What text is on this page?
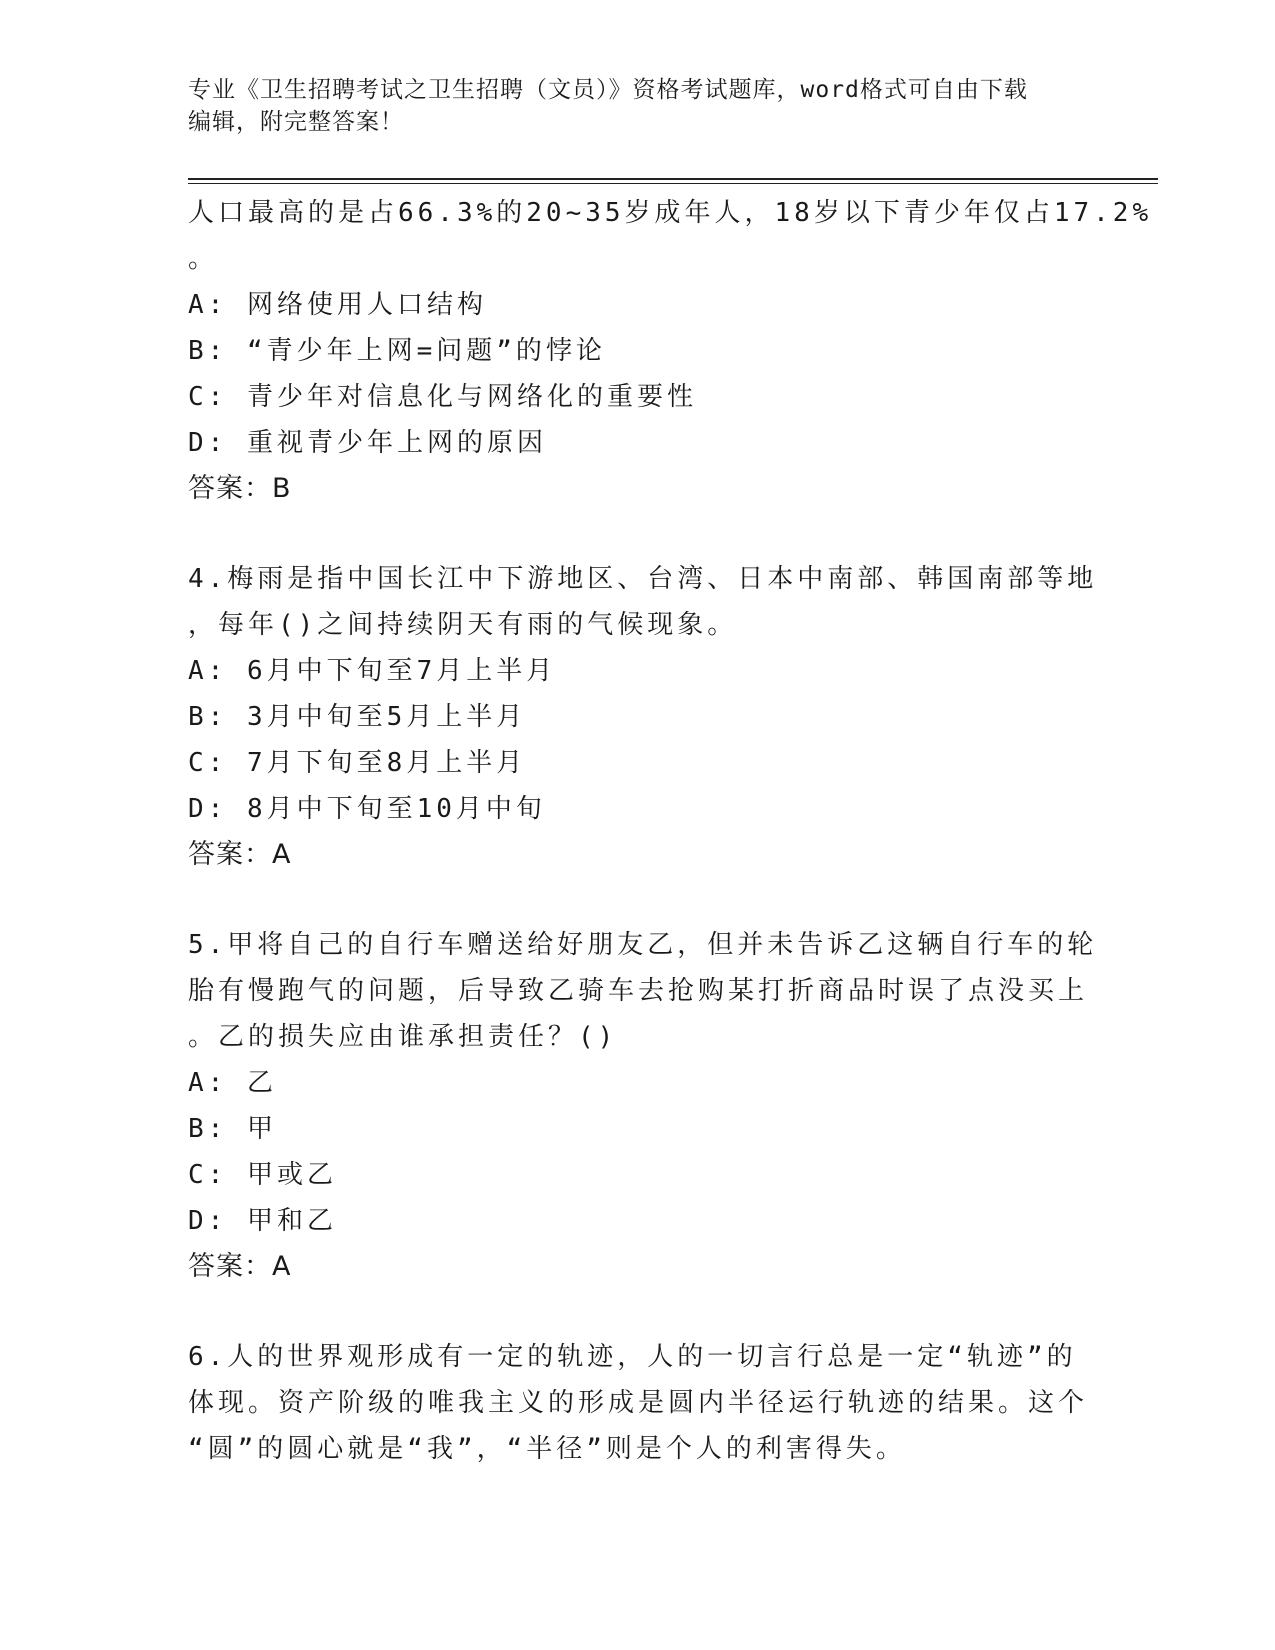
专业《卫生招聘考试之卫生招聘（文员）》资格考试题库，word格式可自由下载
编辑，附完整答案！
人口最高的是占66.3%的20~35岁成年人，18岁以下青少年仅占17.2%
。
A: 网络使用人口结构
B: “青少年上网=问题”的悖论
C: 青少年对信息化与网络化的重要性
D: 重视青少年上网的原因
答案：B
4.梅雨是指中国长江中下游地区、台湾、日本中南部、韩国南部等地
，每年()之间持续阴天有雨的气候现象。
A: 6月中下旬至7月上半月
B: 3月中旬至5月上半月
C: 7月下旬至8月上半月
D: 8月中下旬至10月中旬
答案：A
5.甲将自己的自行车赠送给好朋友乙，但并未告诉乙这辆自行车的轮
胎有慢跑气的问题，后导致乙骑车去抢购某打折商品时误了点没买上
。乙的损失应由谁承担责任？()
A: 乙
B: 甲
C: 甲或乙
D: 甲和乙
答案：A
6.人的世界观形成有一定的轨迹，人的一切言行总是一定“轨迹”的
体现。资产阶级的唯我主义的形成是圆内半径运行轨迹的结果。这个
“圆”的圆心就是“我”，“半径”则是个人的利害得失。
